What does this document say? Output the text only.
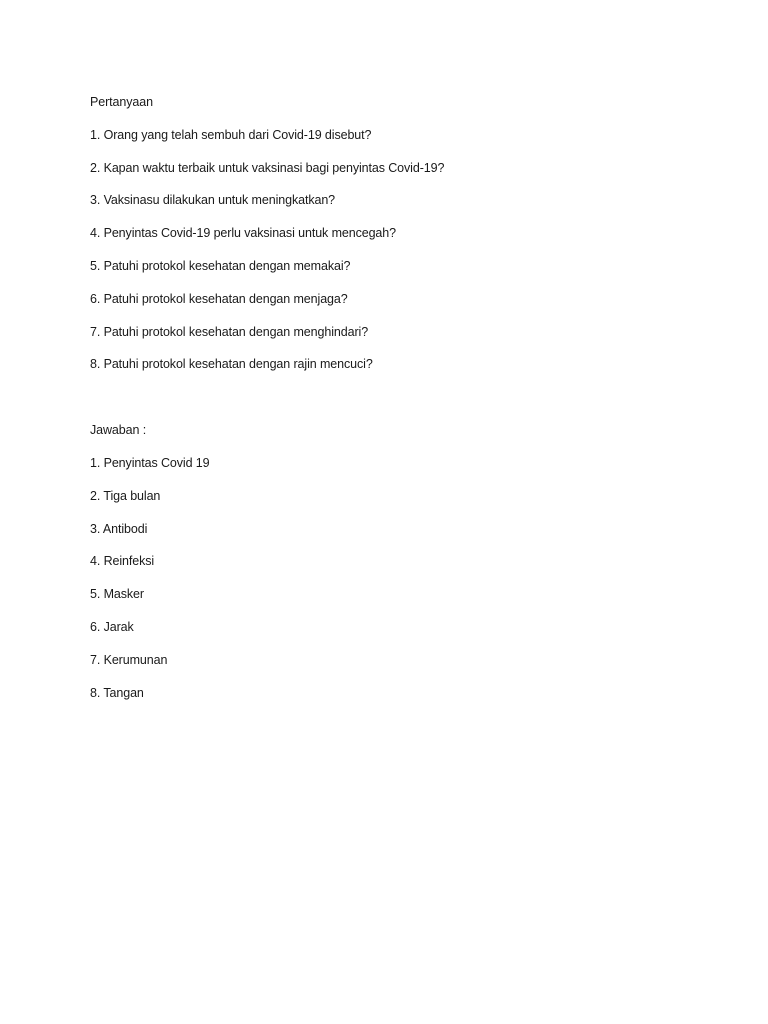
Pertanyaan
1. Orang yang telah sembuh dari Covid-19 disebut?
2. Kapan waktu terbaik untuk vaksinasi bagi penyintas Covid-19?
3. Vaksinasu dilakukan untuk meningkatkan?
4. Penyintas Covid-19 perlu vaksinasi untuk mencegah?
5. Patuhi protokol kesehatan dengan memakai?
6. Patuhi protokol kesehatan dengan menjaga?
7. Patuhi protokol kesehatan dengan menghindari?
8. Patuhi protokol kesehatan dengan rajin mencuci?
Jawaban :
1. Penyintas Covid 19
2. Tiga bulan
3. Antibodi
4. Reinfeksi
5. Masker
6. Jarak
7. Kerumunan
8. Tangan
